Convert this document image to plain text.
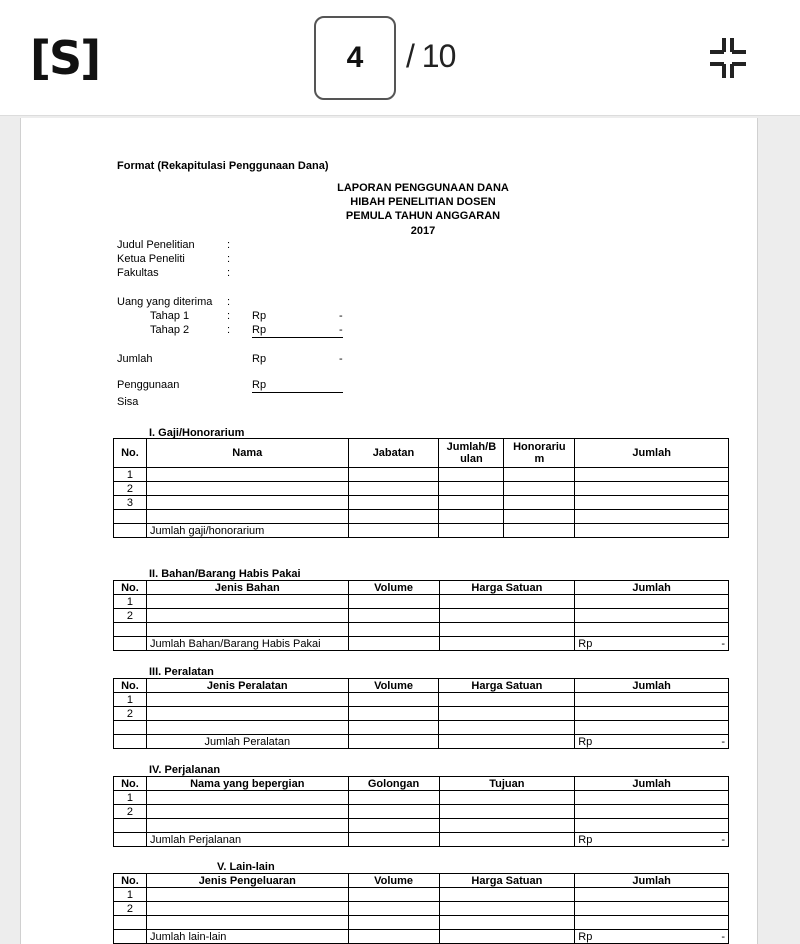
[S]	4	/ 10
Format (Rekapitulasi Penggunaan Dana)
LAPORAN PENGGUNAAN DANA
HIBAH PENELITIAN DOSEN
PEMULA TAHUN ANGGARAN
2017
Judul Penelitian	:
Ketua Peneliti	:
Fakultas	:
Uang yang diterima :
Tahap 1	: Rp	-
Tahap 2	: Rp	-
Jumlah	Rp	-
Penggunaan	Rp
Sisa
I. Gaji/Honorarium
No.	Nama	Jabatan	Jumlah/B ulan	Honorariu m	Jumlah
1					
2					
3					

	Jumlah gaji/honorarium				
II. Bahan/Barang Habis Pakai
No.	Jenis Bahan	Volume	Harga Satuan	Jumlah
1				
2				

	Jumlah Bahan/Barang Habis Pakai			Rp -
III. Peralatan
No.	Jenis Peralatan	Volume	Harga Satuan	Jumlah
1				
2				

	Jumlah Peralatan			Rp -
IV. Perjalanan
No.	Nama yang bepergian	Golongan	Tujuan	Jumlah
1				
2				

	Jumlah Perjalanan			Rp -
V. Lain-lain
No.	Jenis Pengeluaran	Volume	Harga Satuan	Jumlah
1				
2				

	Jumlah lain-lain			Rp -
